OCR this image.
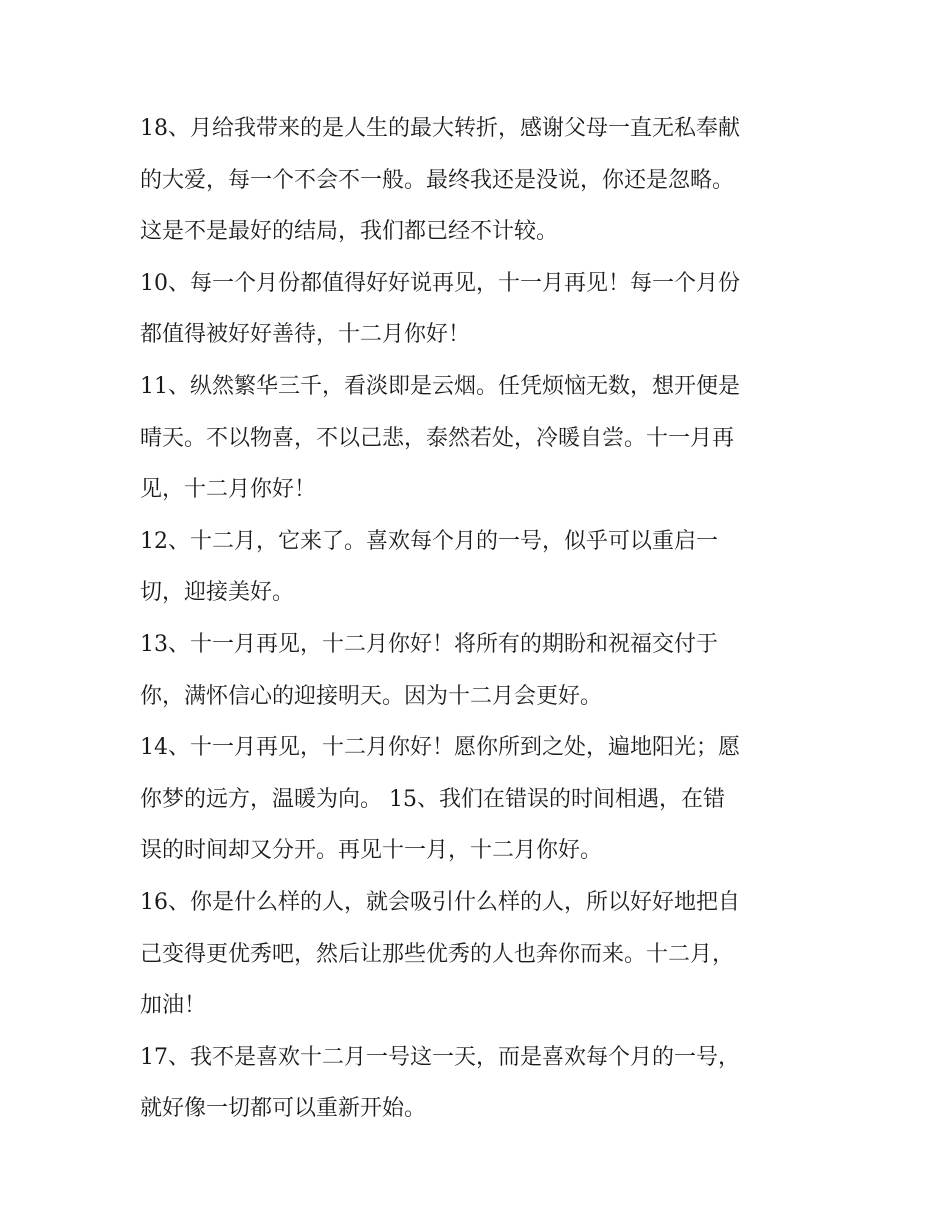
18、月给我带来的是人生的最大转折，感谢父母一直无私奉献
的大爱，每一个不会不一般。最终我还是没说，你还是忽略。
这是不是最好的结局，我们都已经不计较。
10、每一个月份都值得好好说再见，十一月再见！每一个月份
都值得被好好善待，十二月你好！
11、纵然繁华三千，看淡即是云烟。任凭烦恼无数，想开便是
晴天。不以物喜，不以己悲，泰然若处，冷暖自尝。十一月再
见，十二月你好！
12、十二月，它来了。喜欢每个月的一号，似乎可以重启一
切，迎接美好。
13、十一月再见，十二月你好！将所有的期盼和祝福交付于
你，满怀信心的迎接明天。因为十二月会更好。
14、十一月再见，十二月你好！愿你所到之处，遍地阳光；愿
你梦的远方，温暖为向。 15、我们在错误的时间相遇，在错
误的时间却又分开。再见十一月，十二月你好。
16、你是什么样的人，就会吸引什么样的人，所以好好地把自
己变得更优秀吧，然后让那些优秀的人也奔你而来。十二月，
加油！
17、我不是喜欢十二月一号这一天，而是喜欢每个月的一号，
就好像一切都可以重新开始。
